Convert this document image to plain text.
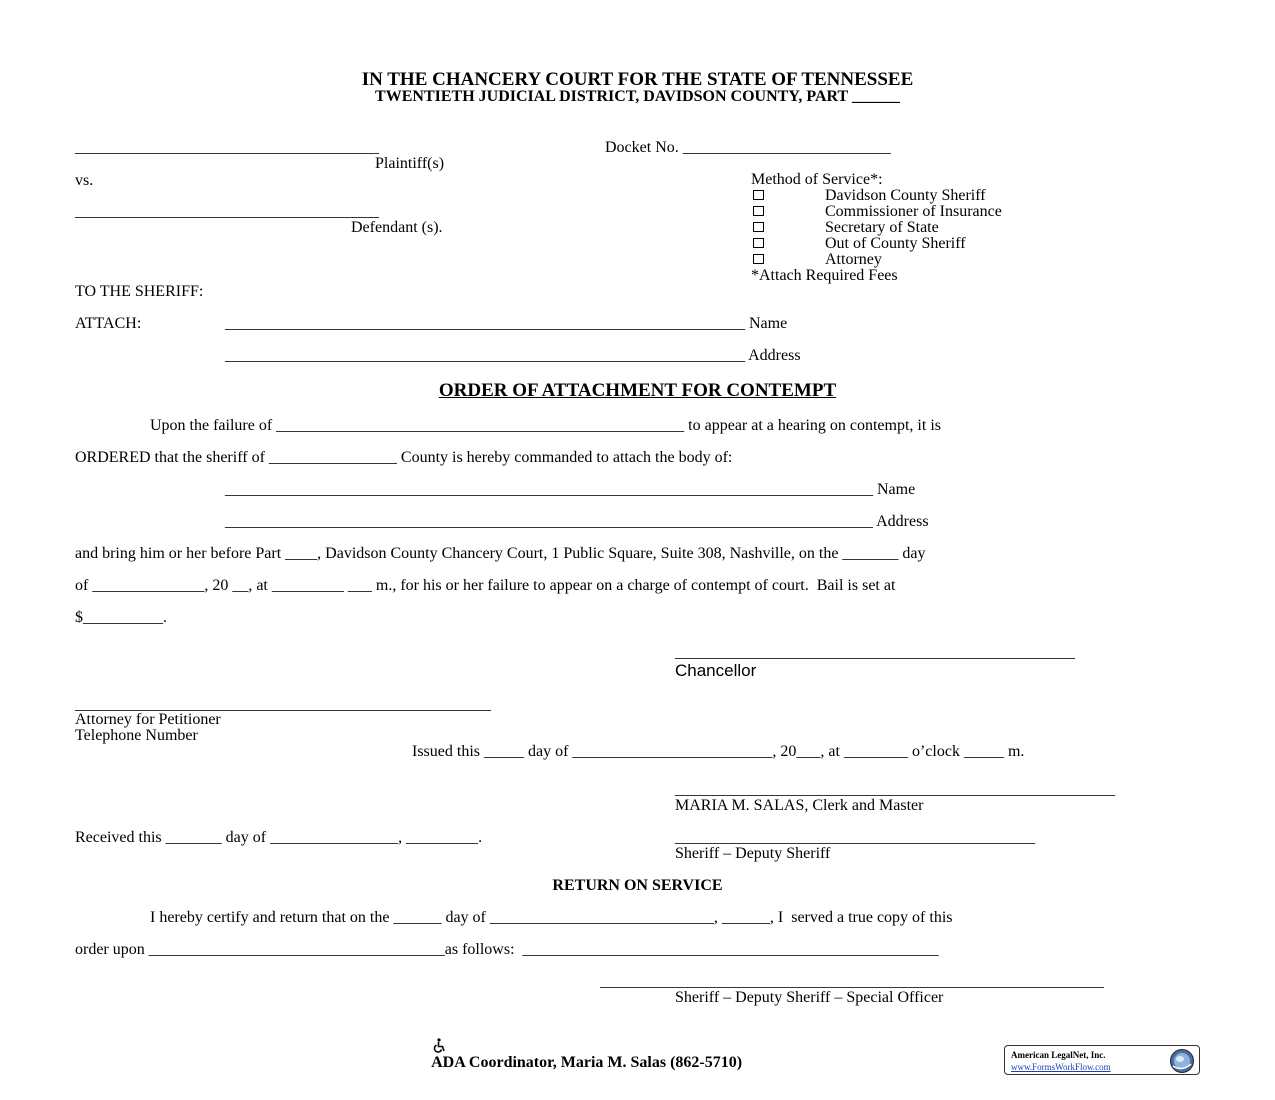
IN THE CHANCERY COURT FOR THE STATE OF TENNESSEE
TWENTIETH JUDICIAL DISTRICT, DAVIDSON COUNTY, PART ______
______________________________________
Plaintiff(s)
vs.
______________________________________
Defendant (s).
Docket No. __________________________
Method of Service*:
Davidson County Sheriff
Commissioner of Insurance
Secretary of State
Out of County Sheriff
Attorney
*Attach Required Fees
TO THE SHERIFF:
ATTACH:	_________________________________________________________________ Name
_________________________________________________________________ Address
ORDER OF ATTACHMENT FOR CONTEMPT
Upon the failure of ___________________________________________________ to appear at a hearing on contempt, it is
ORDERED that the sheriff of ________________ County is hereby commanded to attach the body of:
_________________________________________________________________________________ Name
_________________________________________________________________________________ Address
and bring him or her before Part ____, Davidson County Chancery Court, 1 Public Square, Suite 308, Nashville, on the _______ day
of ______________, 20 __, at _________ ___ m., for his or her failure to appear on a charge of contempt of court.  Bail is set at
$__________.
__________________________________________________
Chancellor
____________________________________________________
Attorney for Petitioner
Telephone Number
Issued this _____ day of _________________________, 20___, at ________ o’clock _____ m.
_______________________________________________________
MARIA M. SALAS, Clerk and Master
Received this _______ day of ________________, _________.	_____________________________________________
Sheriff – Deputy Sheriff
RETURN ON SERVICE
I hereby certify and return that on the ______ day of ____________________________, ______, I  served a true copy of this
order upon _____________________________________as follows:  ____________________________________________________
_______________________________________________________________
Sheriff – Deputy Sheriff – Special Officer

ADA Coordinator, Maria M. Salas (862-5710)	American LegalNet, Inc.
www.FormsWorkFlow.com
